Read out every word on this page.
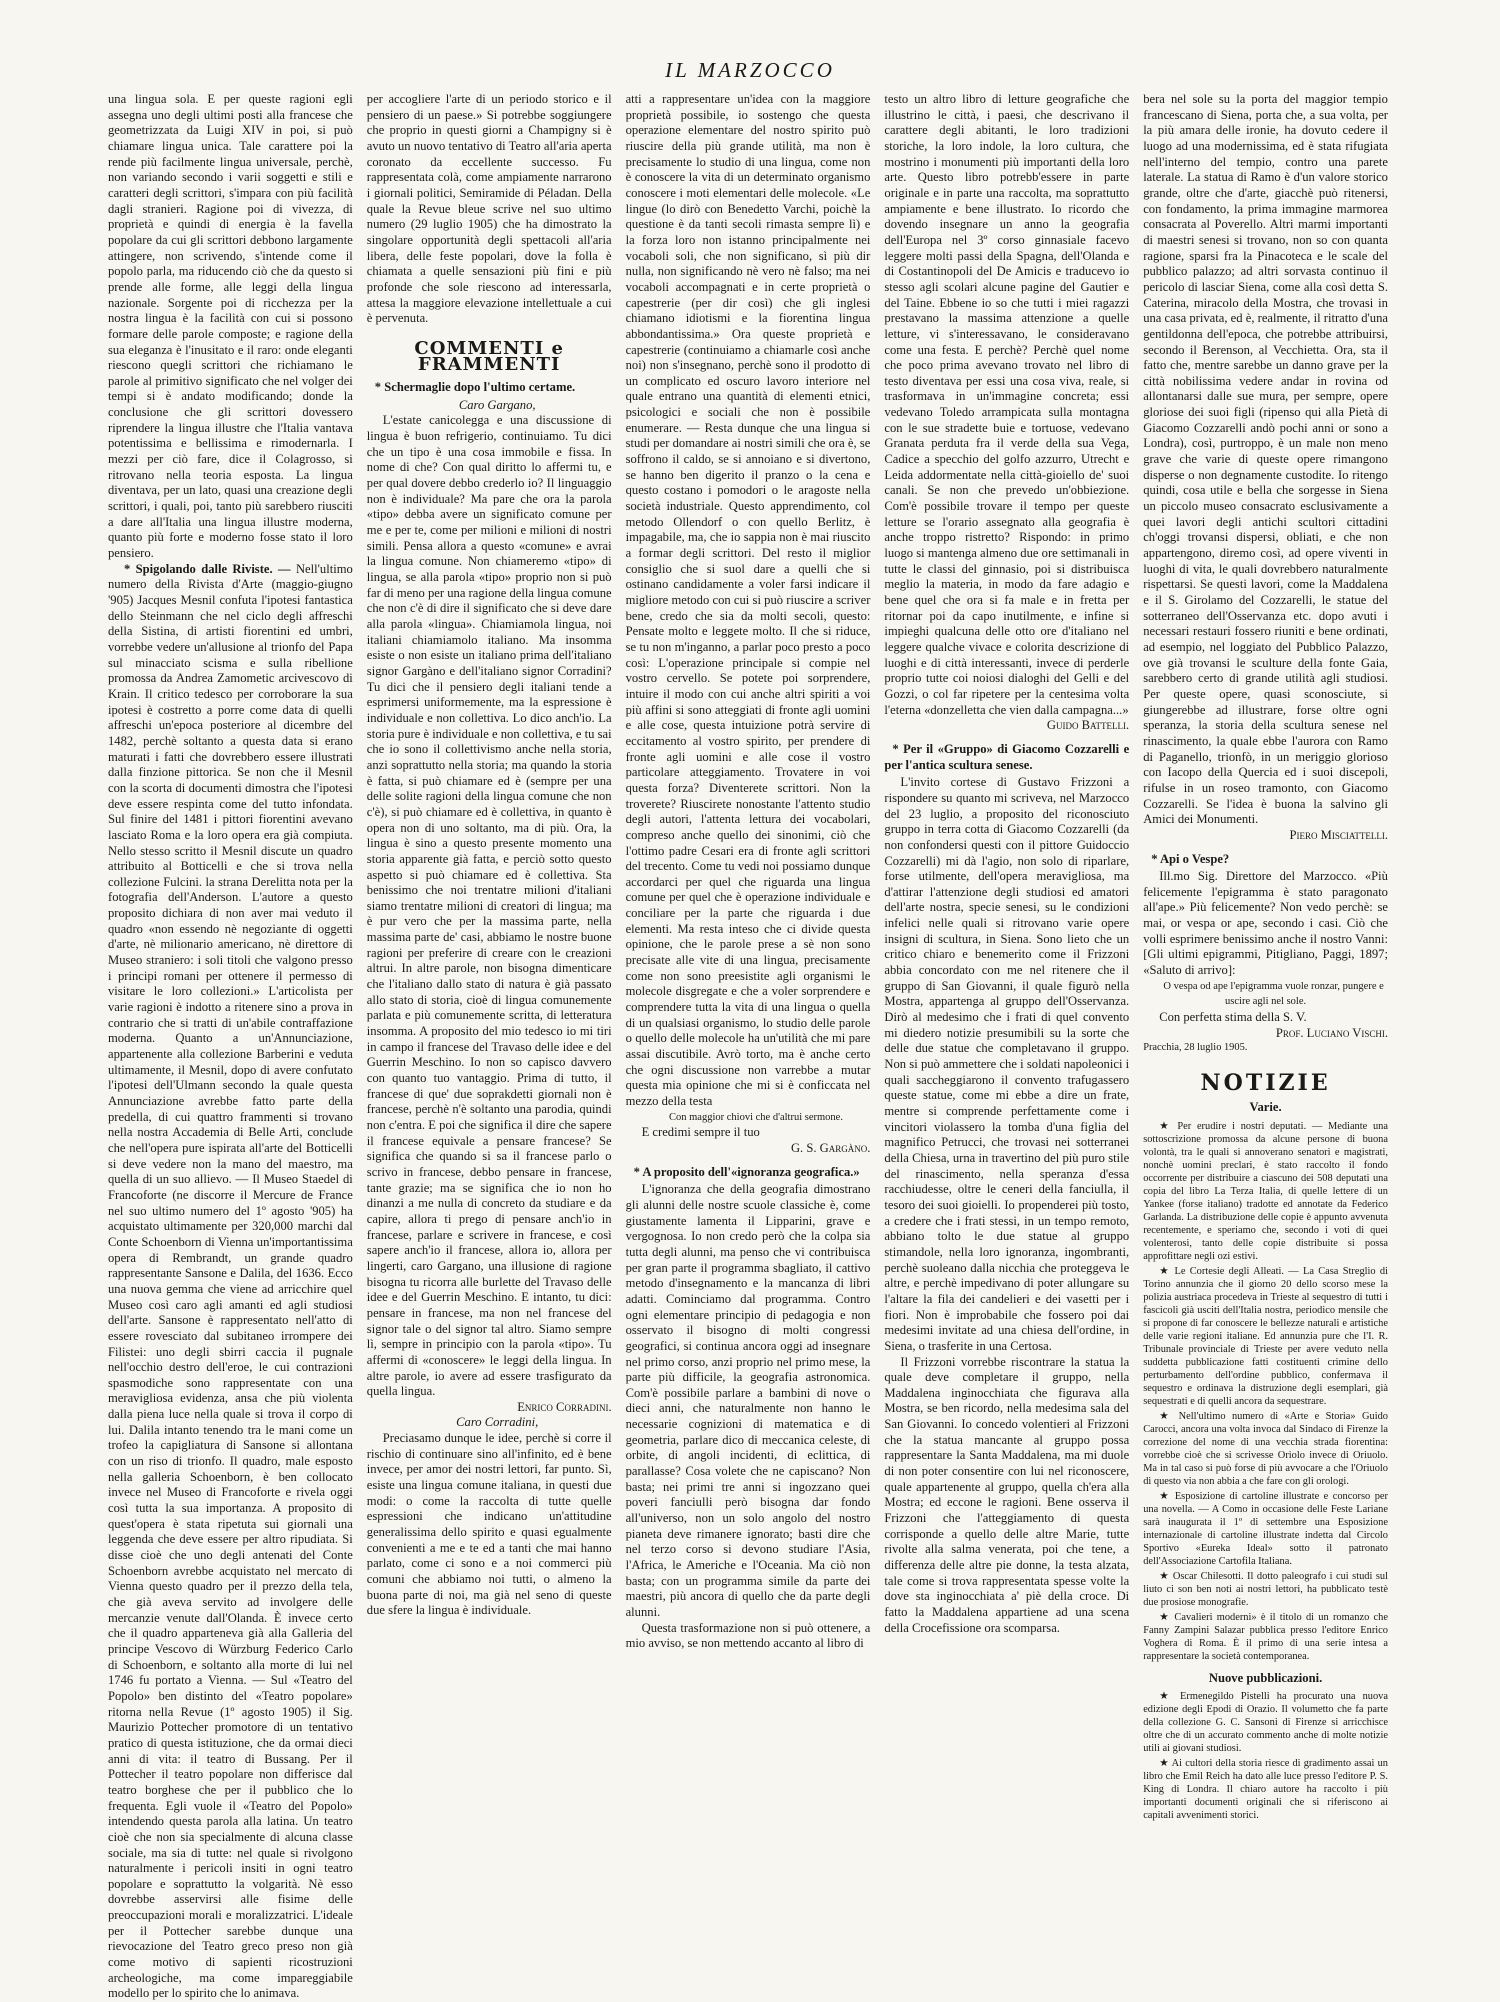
IL MARZOCCO

una lingua sola. E per queste ragioni egli assegna uno degli ultimi posti alla francese che geometrizzata da Luigi XIV in poi, si può chiamare lingua unica. Tale carattere poi la rende più facilmente lingua universale, perchè, non variando secondo i varii soggetti e stili e caratteri degli scrittori, s'impara con più facilità dagli stranieri. Ragione poi di vivezza, di proprietà e quindi di energia è la favella popolare da cui gli scrittori debbono largamente attingere, non scrivendo, s'intende come il popolo parla, ma riducendo ciò che da questo si prende alle forme, alle leggi della lingua nazionale. Sorgente poi di ricchezza per la nostra lingua è la facilità con cui si possono formare delle parole composte; e ragione della sua eleganza è l'inusitato e il raro: onde eleganti riescono quegli scrittori che richiamano le parole al primitivo significato che nel volger dei tempi si è andato modificando; donde la conclusione che gli scrittori dovessero riprendere la lingua illustre che l'Italia vantava potentissima e bellissima e rimodernarla. I mezzi per ciò fare, dice il Colagrosso, si ritrovano nella teoria esposta. La lingua diventava, per un lato, quasi una creazione degli scrittori, i quali, poi, tanto più sarebbero riusciti a dare all'Italia una lingua illustre moderna, quanto più forte e moderno fosse stato il loro pensiero.

* Spigolando dalle Riviste. — Nell'ultimo numero della Rivista d'Arte (maggio-giugno '905) Jacques Mesnil confuta l'ipotesi fantastica dello Steinmann che nel ciclo degli affreschi della Sistina, di artisti fiorentini ed umbri, vorrebbe vedere un'allusione al trionfo del Papa sul minacciato scisma e sulla ribellione promossa da Andrea Zamometic arcivescovo di Krain. Il critico tedesco per corroborare la sua ipotesi è costretto a porre come data di quelli affreschi un'epoca posteriore al dicembre del 1482, perchè soltanto a questa data si erano maturati i fatti che dovrebbero essere illustrati dalla finzione pittorica. Se non che il Mesnil con la scorta di documenti dimostra che l'ipotesi deve essere respinta come del tutto infondata. Sul finire del 1481 i pittori fiorentini avevano lasciato Roma e la loro opera era già compiuta. Nello stesso scritto il Mesnil discute un quadro attribuito al Botticelli e che si trova nella collezione Fulcini. la strana Derelitta nota per la fotografia dell'Anderson. L'autore a questo proposito dichiara di non aver mai veduto il quadro «non essendo nè negoziante di oggetti d'arte, nè milionario americano, nè direttore di Museo straniero: i soli titoli che valgono presso i principi romani per ottenere il permesso di visitare le loro collezioni.» L'articolista per varie ragioni è indotto a ritenere sino a prova in contrario che si tratti di un'abile contraffazione moderna. Quanto a un'Annunciazione, appartenente alla collezione Barberini e veduta ultimamente, il Mesnil, dopo di avere confutato l'ipotesi dell'Ulmann secondo la quale questa Annunciazione avrebbe fatto parte della predella, di cui quattro frammenti si trovano nella nostra Accademia di Belle Arti, conclude che nell'opera pure ispirata all'arte del Botticelli si deve vedere non la mano del maestro, ma quella di un suo allievo. — Il Museo Staedel di Francoforte (ne discorre il Mercure de France nel suo ultimo numero del 1º agosto '905) ha acquistato ultimamente per 320,000 marchi dal Conte Schoenborn di Vienna un'importantissima opera di Rembrandt, un grande quadro rappresentante Sansone e Dalila, del 1636. Ecco una nuova gemma che viene ad arricchire quel Museo così caro agli amanti ed agli studiosi dell'arte. Sansone è rappresentato nell'atto di essere rovesciato dal subitaneo irrompere dei Filistei: uno degli sbirri caccia il pugnale nell'occhio destro dell'eroe, le cui contrazioni spasmodiche sono rappresentate con una meravigliosa evidenza, ansa che più violenta dalla piena luce nella quale si trova il corpo di lui. Dalila intanto tenendo tra le mani come un trofeo la capigliatura di Sansone si allontana con un riso di trionfo. Il quadro, male esposto nella galleria Schoenborn, è ben collocato invece nel Museo di Francoforte e rivela oggi così tutta la sua importanza. A proposito di quest'opera è stata ripetuta sui giornali una leggenda che deve essere per altro ripudiata. Si disse cioè che uno degli antenati del Conte Schoenborn avrebbe acquistato nel mercato di Vienna questo quadro per il prezzo della tela, che già aveva servito ad involgere delle mercanzie venute dall'Olanda. È invece certo che il quadro apparteneva già alla Galleria del principe Vescovo di Würzburg Federico Carlo di Schoenborn, e soltanto alla morte di lui nel 1746 fu portato a Vienna. — Sul «Teatro del Popolo» ben distinto del «Teatro popolare» ritorna nella Revue (1º agosto 1905) il Sig. Maurizio Pottecher promotore di un tentativo pratico di questa istituzione, che da ormai dieci anni di vita: il teatro di Bussang. Per il Pottecher il teatro popolare non differisce dal teatro borghese che per il pubblico che lo frequenta. Egli vuole il «Teatro del Popolo» intendendo questa parola alla latina. Un teatro cioè che non sia specialmente di alcuna classe sociale, ma sia di tutte: nel quale si rivolgono naturalmente i pericoli insiti in ogni teatro popolare e soprattutto la volgarità. Nè esso dovrebbe asservirsi alle fisime delle preoccupazioni morali e moralizzatrici. L'ideale per il Pottecher sarebbe dunque una rievocazione del Teatro greco preso non già come motivo di sapienti ricostruzioni archeologiche, ma come impareggiabile modello per lo spirito che lo animava.

per accogliere l'arte di un periodo storico e il pensiero di un paese.» Si potrebbe soggiungere che proprio in questi giorni a Champigny si è avuto un nuovo tentativo di Teatro all'aria aperta coronato da eccellente successo. Fu rappresentata colà, come ampiamente narrarono i giornali politici, Semiramide di Péladan. Della quale la Revue bleue scrive nel suo ultimo numero (29 luglio 1905) che ha dimostrato la singolare opportunità degli spettacoli all'aria libera, delle feste popolari, dove la folla è chiamata a quelle sensazioni più fini e più profonde che sole riescono ad interessarla, attesa la maggiore elevazione intellettuale a cui è pervenuta.

COMMENTI e FRAMMENTI
* Schermaglie dopo l'ultimo certame.

Caro Gargano,

L'estate canicolegga e una discussione di lingua è buon refrigerio, continuiamo. Tu dici che un tipo è una cosa immobile e fissa. In nome di che? Con qual diritto lo affermi tu, e per qual dovere debbo crederlo io? Il linguaggio non è individuale? Ma pare che ora la parola «tipo» debba avere un significato comune per me e per te, come per milioni e milioni di nostri simili. Pensa allora a questo «comune» e avrai la lingua comune. Non chiameremo «tipo» di lingua, se alla parola «tipo» proprio non si può far di meno per una ragione della lingua comune che non c'è di dire il significato che si deve dare alla parola «lingua». Chiamiamola lingua, noi italiani chiamiamolo italiano. Ma insomma esiste o non esiste un italiano prima dell'italiano signor Gargàno e dell'italiano signor Corradini? Tu dici che il pensiero degli italiani tende a esprimersi uniformemente, ma la espressione è individuale e non collettiva. Lo dico anch'io. La storia pure è individuale e non collettiva, e tu sai che io sono il collettivismo anche nella storia, anzi soprattutto nella storia; ma quando la storia è fatta, si può chiamare ed è (sempre per una delle solite ragioni della lingua comune che non c'è), si può chiamare ed è collettiva, in quanto è opera non di uno soltanto, ma di più. Ora, la lingua è sino a questo presente momento una storia apparente già fatta, e perciò sotto questo aspetto si può chiamare ed è collettiva. Sta benissimo che noi trentatre milioni d'italiani siamo trentatre milioni di creatori di lingua; ma è pur vero che per la massima parte, nella massima parte de' casi, abbiamo le nostre buone ragioni per preferire di creare con le creazioni altrui. In altre parole, non bisogna dimenticare che l'italiano dallo stato di natura è già passato allo stato di storia, cioè di lingua comunemente parlata e più comunemente scritta, di letteratura insomma. A proposito del mio tedesco io mi tiri in campo il francese del Travaso delle idee e del Guerrin Meschino. Io non so capisco davvero con quanto tuo vantaggio. Prima di tutto, il francese di que' due soprakdetti giornali non è francese, perchè n'è soltanto una parodia, quindi non c'entra. E poi che significa il dire che sapere il francese equivale a pensare francese? Se significa che quando si sa il francese parlo o scrivo in francese, debbo pensare in francese, tante grazie; ma se significa che io non ho dinanzi a me nulla di concreto da studiare e da capire, allora ti prego di pensare anch'io in francese, parlare e scrivere in francese, e così sapere anch'io il francese, allora io, allora per lingerti, caro Gargano, una illusione di ragione bisogna tu ricorra alle burlette del Travaso delle idee e del Guerrin Meschino. E intanto, tu dici: pensare in francese, ma non nel francese del signor tale o del signor tal altro. Siamo sempre lì, sempre in principio con la parola «tipo». Tu affermi di «conoscere» le leggi della lingua. In altre parole, io avere ad essere trasfigurato da quella lingua.

Enrico Corradini.

Caro Corradini,

Preciasamo dunque le idee, perchè si corre il rischio di continuare sino all'infinito, ed è bene invece, per amor dei nostri lettori, far punto. Sì, esiste una lingua comune italiana, in questi due modi: o come la raccolta di tutte quelle espressioni che indicano un'attitudine generalissima dello spirito e quasi egualmente convenienti a me e te ed a tanti che mai hanno parlato, come ci sono e a noi commerci più comuni che abbiamo noi tutti, o almeno la buona parte di noi, ma già nel seno di queste due sfere la lingua è individuale.

atti a rappresentare un'idea con la maggiore proprietà possibile, io sostengo che questa operazione elementare del nostro spirito può riuscire della più grande utilità, ma non è precisamente lo studio di una lingua, come non è conoscere la vita di un determinato organismo conoscere i moti elementari delle molecole. «Le lingue (lo dirò con Benedetto Varchi, poichè la questione è da tanti secoli rimasta sempre lì) e la forza loro non istanno principalmente nei vocaboli soli, che non significano, sì più dir nulla, non significando nè vero nè falso; ma nei vocaboli accompagnati e in certe proprietà o capestrerie (per dir così) che gli inglesi chiamano idiotismi e la fiorentina lingua abbondantissima.» Ora queste proprietà e capestrerie (continuiamo a chiamarle così anche noi) non s'insegnano, perchè sono il prodotto di un complicato ed oscuro lavoro interiore nel quale entrano una quantità di elementi etnici, psicologici e sociali che non è possibile enumerare. — Resta dunque che una lingua si studi per domandare ai nostri simili che ora è, se soffrono il caldo, se si annoiano e si divertono, se hanno ben digerito il pranzo o la cena e questo costano i pomodori o le aragoste nella società industriale. Questo apprendimento, col metodo Ollendorf o con quello Berlitz, è impagabile, ma, che io sappia non è mai riuscito a formar degli scrittori. Del resto il miglior consiglio che si suol dare a quelli che si ostinano candidamente a voler farsi indicare il migliore metodo con cui si può riuscire a scriver bene, credo che sia da molti secoli, questo: Pensate molto e leggete molto. Il che si riduce, se tu non m'inganno, a parlar poco presto a poco così: L'operazione principale si compie nel vostro cervello. Se potete poi sorprendere, intuire il modo con cui anche altri spiriti a voi più affini si sono atteggiati di fronte agli uomini e alle cose, questa intuizione potrà servire di eccitamento al vostro spirito, per prendere di fronte agli uomini e alle cose il vostro particolare atteggiamento. Trovatere in voi questa forza? Diventerete scrittori. Non la troverete? Riuscirete nonostante l'attento studio degli autori, l'attenta lettura dei vocabolari, compreso anche quello dei sinonimi, ciò che l'ottimo padre Cesari era di fronte agli scrittori del trecento. Come tu vedi noi possiamo dunque accordarci per quel che riguarda una lingua comune per quel che è operazione individuale e conciliare per la parte che riguarda i due elementi. Ma resta inteso che ci divide questa opinione, che le parole prese a sè non sono precisate alle vite di una lingua, precisamente come non sono preesistite agli organismi le molecole disgregate e che a voler sorprendere e comprendere tutta la vita di una lingua o quella di un qualsiasi organismo, lo studio delle parole o quello delle molecole ha un'utilità che mi pare assai discutibile. Avrò torto, ma è anche certo che ogni discussione non varrebbe a mutar questa mia opinione che mi si è conficcata nel mezzo della testa

Con maggior chiovi che d'altrui sermone.

E credimi sempre il tuo

G. S. Gargàno.

* A proposito dell'«ignoranza geografica.»

L'ignoranza che della geografia dimostrano gli alunni delle nostre scuole classiche è, come giustamente lamenta il Lipparini, grave e vergognosa. Io non credo però che la colpa sia tutta degli alunni, ma penso che vi contribuisca per gran parte il programma sbagliato, il cattivo metodo d'insegnamento e la mancanza di libri adatti. Cominciamo dal programma. Contro ogni elementare principio di pedagogia e non osservato il bisogno di molti congressi geografici, si continua ancora oggi ad insegnare nel primo corso, anzi proprio nel primo mese, la parte più difficile, la geografia astronomica. Com'è possibile parlare a bambini di nove o dieci anni, che naturalmente non hanno le necessarie cognizioni di matematica e di geometria, parlare dico di meccanica celeste, di orbite, di angoli incidenti, di eclittica, di parallasse? Cosa volete che ne capiscano? Non basta; nei primi tre anni si ingozzano quei poveri fanciulli però bisogna dar fondo all'universo, non un solo angolo del nostro pianeta deve rimanere ignorato; basti dire che nel terzo corso si devono studiare l'Asia, l'Africa, le Americhe e l'Oceania. Ma ciò non basta; con un programma simile da parte dei maestri, più ancora di quello che da parte degli alunni.

Questa trasformazione non si può ottenere, a mio avviso, se non mettendo accanto al libro di

testo un altro libro di letture geografiche che illustrino le città, i paesi, che descrivano il carattere degli abitanti, le loro tradizioni storiche, la loro indole, la loro cultura, che mostrino i monumenti più importanti della loro arte. Questo libro potrebb'essere in parte originale e in parte una raccolta, ma soprattutto ampiamente e bene illustrato. Io ricordo che dovendo insegnare un anno la geografia dell'Europa nel 3º corso ginnasiale facevo leggere molti passi della Spagna, dell'Olanda e di Costantinopoli del De Amicis e traducevo io stesso agli scolari alcune pagine del Gautier e del Taine. Ebbene io so che tutti i miei ragazzi prestavano la massima attenzione a quelle letture, vi s'interessavano, le consideravano come una festa. E perchè? Perchè quel nome che poco prima avevano trovato nel libro di testo diventava per essi una cosa viva, reale, si trasformava in un'immagine concreta; essi vedevano Toledo arrampicata sulla montagna con le sue stradette buie e tortuose, vedevano Granata perduta fra il verde della sua Vega, Cadice a specchio del golfo azzurro, Utrecht e Leida addormentate nella città-gioiello de' suoi canali. Se non che prevedo un'obbiezione. Com'è possibile trovare il tempo per queste letture se l'orario assegnato alla geografia è anche troppo ristretto? Rispondo: in primo luogo si mantenga almeno due ore settimanali in tutte le classi del ginnasio, poi si distribuisca meglio la materia, in modo da fare adagio e bene quel che ora si fa male e in fretta per ritornar poi da capo inutilmente, e infine si impieghi qualcuna delle otto ore d'italiano nel leggere qualche vivace e colorita descrizione di luoghi e di città interessanti, invece di perderle proprio tutte coi noiosi dialoghi del Gelli e del Gozzi, o col far ripetere per la centesima volta l'eterna «donzelletta che vien dalla campagna...»

Guido Battelli.

* Per il «Gruppo» di Giacomo Cozzarelli e per l'antica scultura senese.

L'invito cortese di Gustavo Frizzoni a rispondere su quanto mi scriveva, nel Marzocco del 23 luglio, a proposito del riconosciuto gruppo in terra cotta di Giacomo Cozzarelli (da non confondersi questi con il pittore Guidoccio Cozzarelli) mi dà l'agio, non solo di riparlare, forse utilmente, dell'opera meravigliosa, ma d'attirar l'attenzione degli studiosi ed amatori dell'arte nostra, specie senesi, su le condizioni infelici nelle quali si ritrovano varie opere insigni di scultura, in Siena. Sono lieto che un critico chiaro e benemerito come il Frizzoni abbia concordato con me nel ritenere che il gruppo di San Giovanni, il quale figurò nella Mostra, appartenga al gruppo dell'Osservanza. Dirò al medesimo che i frati di quel convento mi diedero notizie presumibili su la sorte che delle due statue che completavano il gruppo. Non si può ammettere che i soldati napoleonici i quali saccheggiarono il convento trafugassero queste statue, come mi ebbe a dire un frate, mentre si comprende perfettamente come i vincitori violassero la tomba d'una figlia del magnifico Petrucci, che trovasi nei sotterranei della Chiesa, urna in travertino del più puro stile del rinascimento, nella speranza d'essa racchiudesse, oltre le ceneri della fanciulla, il tesoro dei suoi gioielli. Io propenderei più tosto, a credere che i frati stessi, in un tempo remoto, abbiano tolto le due statue al gruppo stimandole, nella loro ignoranza, ingombranti, perchè suoleano dalla nicchia che proteggeva le altre, e perchè impedivano di poter allungare su l'altare la fila dei candelieri e dei vasetti per i fiori. Non è improbabile che fossero poi dai medesimi invitate ad una chiesa dell'ordine, in Siena, o trasferite in una Certosa.

Il Frizzoni vorrebbe riscontrare la statua la quale deve completare il gruppo, nella Maddalena inginocchiata che figurava alla Mostra, se ben ricordo, nella medesima sala del San Giovanni. Io concedo volentieri al Frizzoni che la statua mancante al gruppo possa rappresentare la Santa Maddalena, ma mi duole di non poter consentire con lui nel riconoscere, quale appartenente al gruppo, quella ch'era alla Mostra; ed eccone le ragioni. Bene osserva il Frizzoni che l'atteggiamento di questa corrisponde a quello delle altre Marie, tutte rivolte alla salma venerata, poi che tene, a differenza delle altre pie donne, la testa alzata, tale come si trova rappresentata spesse volte la dove sta inginocchiata a' piè della croce. Di fatto la Maddalena appartiene ad una scena della Crocefissione ora scomparsa.

bera nel sole su la porta del maggior tempio francescano di Siena, porta che, a sua volta, per la più amara delle ironie, ha dovuto cedere il luogo ad una modernissima, ed è stata rifugiata nell'interno del tempio, contro una parete laterale. La statua di Ramo è d'un valore storico grande, oltre che d'arte, giacchè può ritenersi, con fondamento, la prima immagine marmorea consacrata al Poverello. Altri marmi importanti di maestri senesi si trovano, non so con quanta ragione, sparsi fra la Pinacoteca e le scale del pubblico palazzo; ad altri sorvasta continuo il pericolo di lasciar Siena, come alla così detta S. Caterina, miracolo della Mostra, che trovasi in una casa privata, ed è, realmente, il ritratto d'una gentildonna dell'epoca, che potrebbe attribuirsi, secondo il Berenson, al Vecchietta. Ora, sta il fatto che, mentre sarebbe un danno grave per la città nobilissima vedere andar in rovina od allontanarsi dalle sue mura, per sempre, opere gloriose dei suoi figli (ripenso qui alla Pietà di Giacomo Cozzarelli andò pochi anni or sono a Londra), così, purtroppo, è un male non meno grave che varie di queste opere rimangono disperse o non degnamente custodite. Io ritengo quindi, cosa utile e bella che sorgesse in Siena un piccolo museo consacrato esclusivamente a quei lavori degli antichi scultori cittadini ch'oggi trovansi dispersi, obliati, e che non appartengono, diremo così, ad opere viventi in luoghi di vita, le quali dovrebbero naturalmente rispettarsi. Se questi lavori, come la Maddalena e il S. Girolamo del Cozzarelli, le statue del sotterraneo dell'Osservanza etc. dopo avuti i necessari restauri fossero riuniti e bene ordinati, ad esempio, nel loggiato del Pubblico Palazzo, ove già trovansi le sculture della fonte Gaia, sarebbero certo di grande utilità agli studiosi. Per queste opere, quasi sconosciute, si giungerebbe ad illustrare, forse oltre ogni speranza, la storia della scultura senese nel rinascimento, la quale ebbe l'aurora con Ramo di Paganello, trionfò, in un meriggio glorioso con Iacopo della Quercia ed i suoi discepoli, rifulse in un roseo tramonto, con Giacomo Cozzarelli. Se l'idea è buona la salvino gli Amici dei Monumenti.

Piero Misciattelli.

* Api o Vespe?

Ill.mo Sig. Direttore del Marzocco. «Più felicemente l'epigramma è stato paragonato all'ape.» Più felicemente? Non vedo perchè: se mai, or vespa or ape, secondo i casi. Ciò che volli esprimere benissimo anche il nostro Vanni: [Gli ultimi epigrammi, Pitigliano, Paggi, 1897; «Saluto di arrivo]:

O vespa od ape l'epigramma vuole ronzar, pungere e uscire agli nel sole.

Con perfetta stima della S. V.

Prof. Luciano Vischi.

Pracchia, 28 luglio 1905.

NOTIZIE
Varie.

★ Per erudire i nostri deputati. — Mediante una sottoscrizione promossa da alcune persone di buona volontà, tra le quali si annoverano senatori e magistrati, nonchè uomini preclari, è stato raccolto il fondo occorrente per distribuire a ciascuno dei 508 deputati una copia del libro La Terza Italia, di quelle lettere di un Yankee (forse italiano) tradotte ed annotate da Federico Garlanda. La distribuzione delle copie è appunto avvenuta recentemente, e speriamo che, secondo i voti di quei volenterosi, tanto delle copie distribuite si possa approfittare negli ozi estivi.

★ Le Cortesie degli Alleati. — La Casa Streglio di Torino annunzia che il giorno 20 dello scorso mese la polizia austriaca procedeva in Trieste al sequestro di tutti i fascicoli già usciti dell'Italia nostra, periodico mensile che si propone di far conoscere le bellezze naturali e artistiche delle varie regioni italiane. Ed annunzia pure che l'I. R. Tribunale provinciale di Trieste per avere veduto nella suddetta pubblicazione fatti costituenti crimine dello perturbamento dell'ordine pubblico, confermava il sequestro e ordinava la distruzione degli esemplari, già sequestrati e di quelli ancora da sequestrare.

★ Nell'ultimo numero di «Arte e Storia» Guido Carocci, ancora una volta invoca dal Sindaco di Firenze la correzione del nome di una vecchia strada fiorentina: vorrebbe cioè che si scrivesse Oriolo invece di Oriuolo. Ma in tal caso si può forse di più avvocare a che l'Oriuolo di questo via non abbia a che fare con gli orologi.

★ Esposizione di cartoline illustrate e concorso per una novella. — A Como in occasione delle Feste Lariane sarà inaugurata il 1º di settembre una Esposizione internazionale di cartoline illustrate indetta dal Circolo Sportivo «Eureka Ideal» sotto il patronato dell'Associazione Cartofila Italiana.

★ Oscar Chilesotti. Il dotto paleografo i cui studi sul liuto ci son ben noti ai nostri lettori, ha pubblicato testè due prosiose monografie.

★ Cavalieri moderni» è il titolo di un romanzo che Fanny Zampini Salazar pubblica presso l'editore Enrico Voghera di Roma. È il primo di una serie intesa a rappresentare la società contemporanea.

Nuove pubblicazioni.

★ Ermenegildo Pistelli ha procurato una nuova edizione degli Epodi di Orazio. Il volumetto che fa parte della collezione G. C. Sansoni di Firenze si arricchisce oltre che di un accurato commento anche di molte notizie utili ai giovani studiosi.

★ Ai cultori della storia riesce di gradimento assai un libro che Emil Reich ha dato alle luce presso l'editore P. S. King di Londra. Il chiaro autore ha raccolto i più importanti documenti originali che si riferiscono ai capitali avvenimenti storici.
